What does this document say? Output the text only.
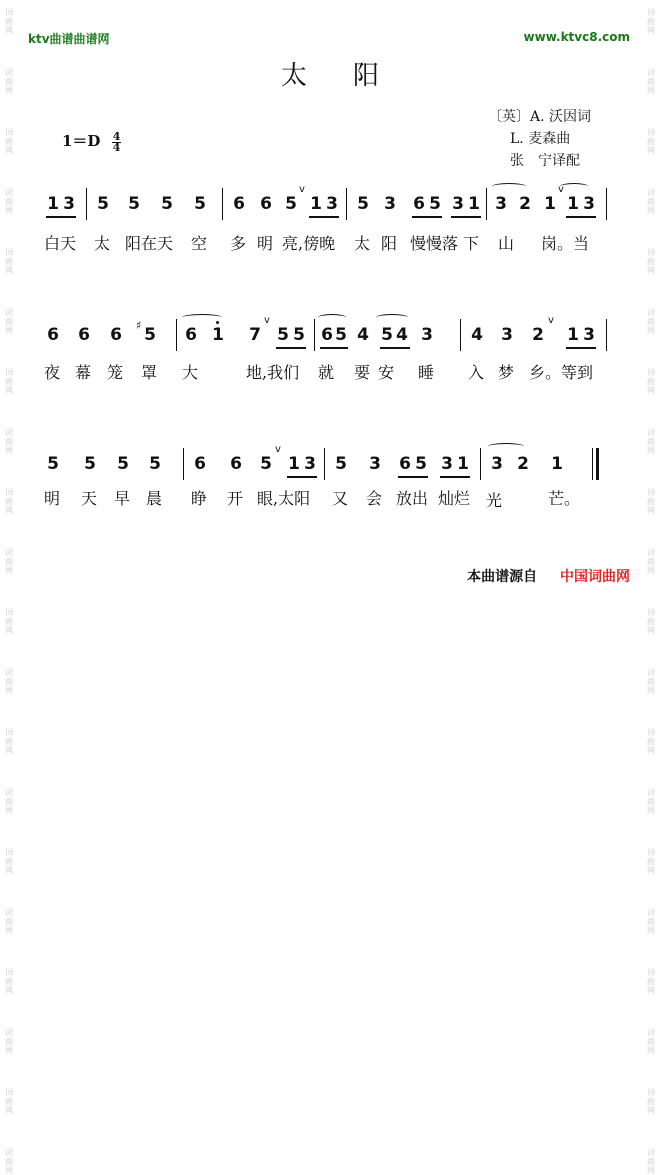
词
曲
网
词
曲
网
词
曲
网
词
曲
网
词
曲
网
词
曲
网
词
曲
网
词
曲
网
词
曲
网
词
曲
网
词
曲
网
词
曲
网
词
曲
网
词
曲
网
词
曲
网
词
曲
网
词
曲
网
词
曲
网
词
曲
网
词
曲
网
词
曲
网
词
曲
网
词
曲
网
词
曲
网
词
曲
网
词
曲
网
词
曲
网
词
曲
网
词
曲
网
词
曲
网
词
曲
网
词
曲
网
词
曲
网
词
曲
网
词
曲
网
词
曲
网
词
曲
网
词
曲
网
词
曲
网
词
曲
网
ktv曲谱曲谱网	www.ktvc8.com
太阳
〔英〕A. 沃因词
L. 麦森曲
张　宁译配
$1=D \frac{4}{4}$
1 3 5 5 5 5 6 6 5
v
1 3 5 3 6 5 3 1 3 2 1
v
1 3
白天 太 阳在天 空 多 明 亮,傍晚 太 阳 慢慢落 下 山 岗。当
6 6 6 ♯ 5 6 1 7
v
5 5 6 5 4 5 4 3 4 3 2
v
1 3
夜 幕 笼 罩 大	地,我们 就 要 安 睡 入 梦 乡。等到
5 5 5 5 6 6 5
v
1 3 5 3 6 5 3 1 3 2 1
明 天 早 晨 睁 开 眼,太阳 又 会 放出 灿烂 光	芒。
本曲谱源自 中国词曲网
